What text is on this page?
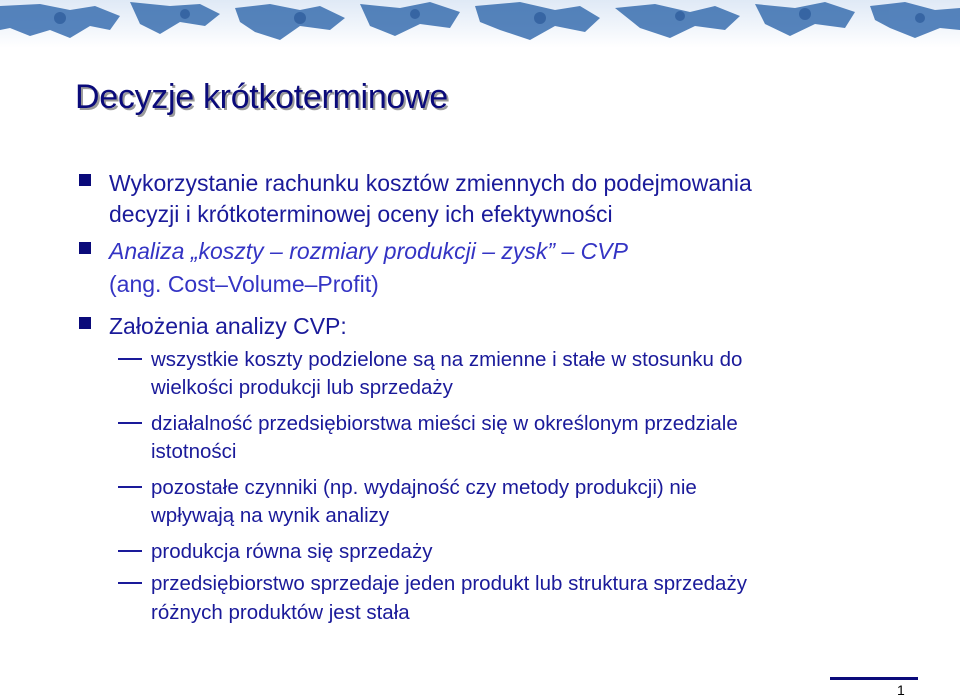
Decyzje krótkoterminowe
Wykorzystanie rachunku kosztów zmiennych do podejmowania
decyzji i krótkoterminowej oceny ich efektywności
Analiza „koszty – rozmiary produkcji – zysk” – CVP
(ang. Cost–Volume–Profit)
Założenia analizy CVP:
wszystkie koszty podzielone są na zmienne i stałe w stosunku do
wielkości produkcji lub sprzedaży
działalność przedsiębiorstwa mieści się w określonym przedziale
istotności
pozostałe czynniki (np. wydajność czy metody produkcji) nie
wpływają na wynik analizy
produkcja równa się sprzedaży
przedsiębiorstwo sprzedaje jeden produkt lub struktura sprzedaży
różnych produktów jest stała
1
